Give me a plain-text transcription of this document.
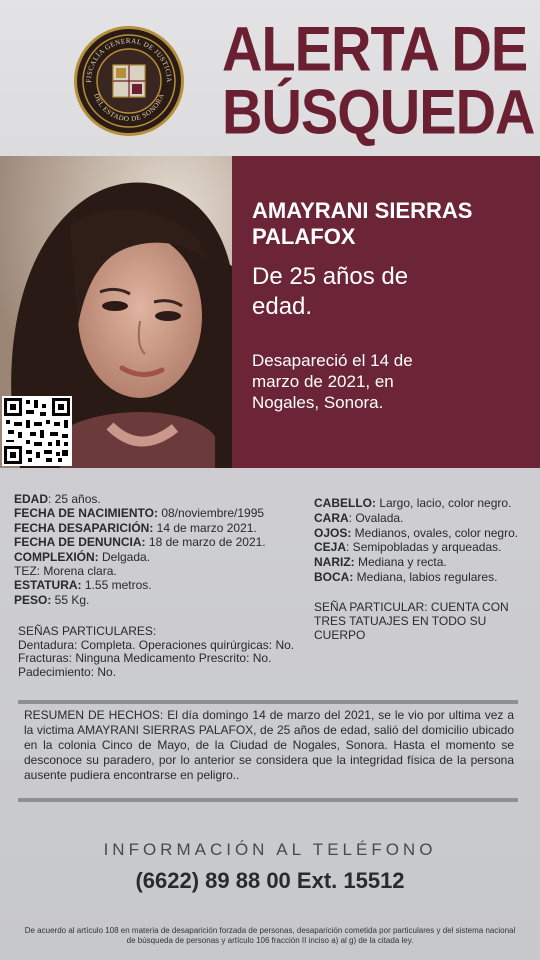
FISCALÍA GENERAL DE JUSTICIA
DEL ESTADO DE SONORA
ALERTA DE
BÚSQUEDA
AMAYRANI SIERRAS PALAFOX
De 25 años de edad.
Desapareció el 14 de marzo de 2021, en Nogales, Sonora.
EDAD: 25 años.
FECHA DE NACIMIENTO: 08/noviembre/1995
FECHA DESAPARICIÓN: 14 de marzo 2021.
FECHA DE DENUNCIA: 18 de marzo de 2021.
COMPLEXIÓN: Delgada.
TEZ: Morena clara.
ESTATURA: 1.55 metros.
PESO: 55 Kg.
CABELLO: Largo, lacio, color negro.
CARA: Ovalada.
OJOS: Medianos, ovales, color negro.
CEJA: Semipobladas y arqueadas.
NARIZ: Mediana y recta.
BOCA: Mediana, labios regulares.
SEÑA PARTICULAR: CUENTA CON TRES TATUAJES EN TODO SU CUERPO
SEÑAS PARTICULARES:
Dentadura: Completa. Operaciones quirúrgicas: No.
Fracturas: Ninguna Medicamento Prescrito: No.
Padecimiento: No.
RESUMEN DE HECHOS: El día domingo 14 de marzo del 2021, se le vio por ultima vez a la victima AMAYRANI SIERRAS PALAFOX, de 25 años de edad, salió del domicilio ubicado en la colonia Cinco de Mayo, de la Ciudad de Nogales, Sonora. Hasta el momento se desconoce su paradero, por lo anterior se considera que la integridad física de la persona ausente pudiera encontrarse en peligro..
INFORMACIÓN AL TELÉFONO
(6622) 89 88 00 Ext. 15512
De acuerdo al artículo 108 en materia de desaparición forzada de personas, desaparición cometida por particulares y del sistema nacional de búsqueda de personas y artículo 106 fracción II inciso a) al g) de la citada ley.
